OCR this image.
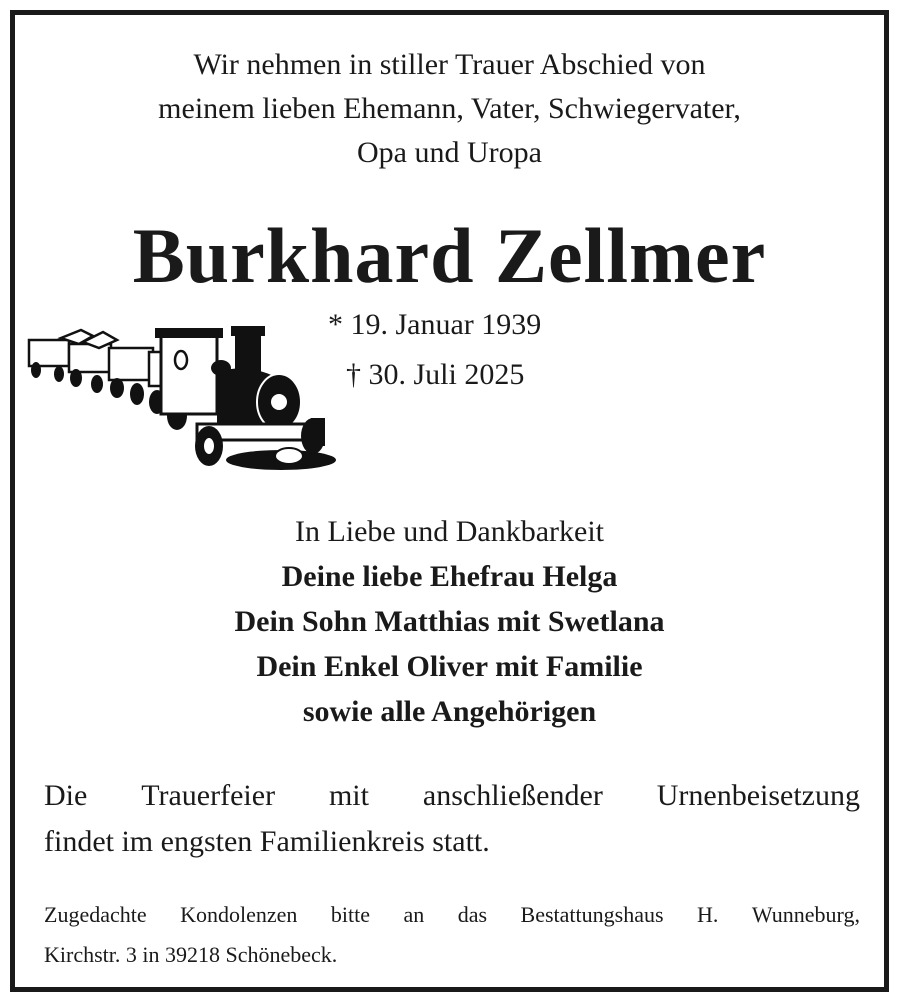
Wir nehmen in stiller Trauer Abschied von
meinem lieben Ehemann, Vater, Schwiegervater,
Opa und Uropa
Burkhard Zellmer
* 19. Januar 1939
† 30. Juli 2025
In Liebe und Dankbarkeit
Deine liebe Ehefrau Helga
Dein Sohn Matthias mit Swetlana
Dein Enkel Oliver mit Familie
sowie alle Angehörigen
Die Trauerfeier mit anschließender Urnenbeisetzung
findet im engsten Familienkreis statt.
Zugedachte Kondolenzen bitte an das Bestattungshaus H. Wunneburg,
Kirchstr. 3 in 39218 Schönebeck.
